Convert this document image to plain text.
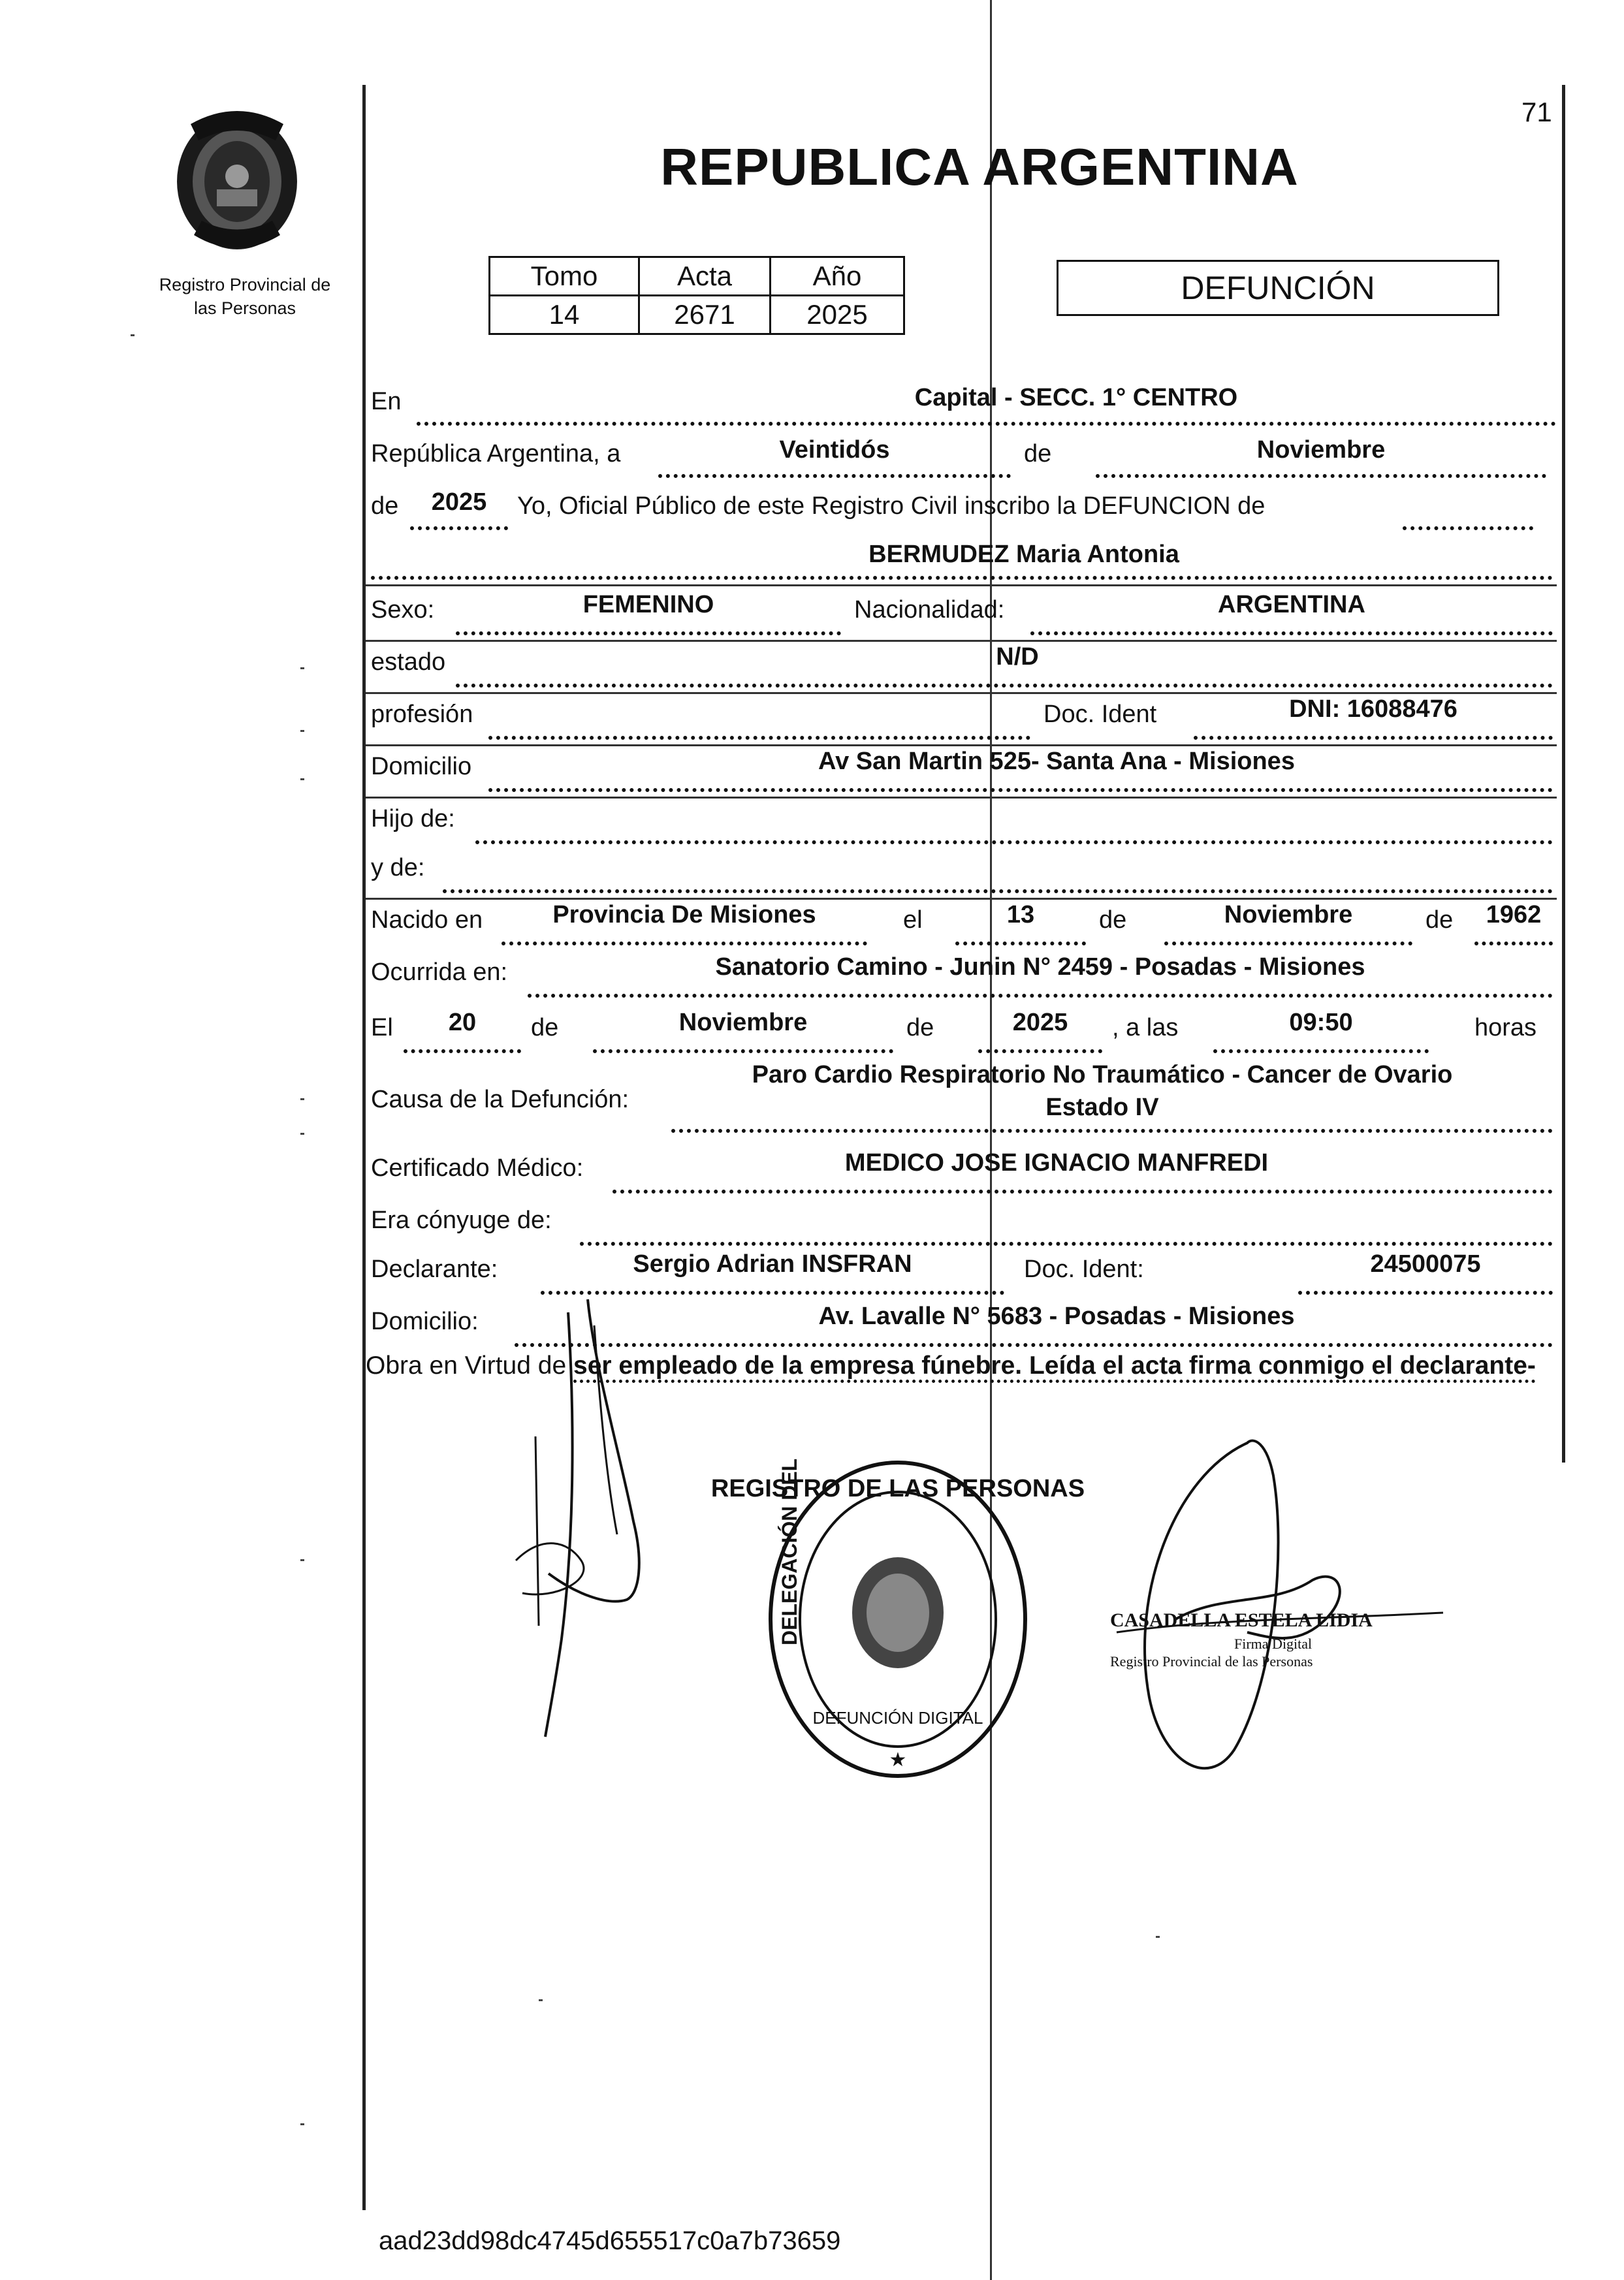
71
Registro Provincial de
las Personas
REPUBLICA ARGENTINA
Tomo	Acta	Año
14	2671	2025
DEFUNCIÓN
En	Capital - SECC. 1° CENTRO
República Argentina, a	Veintidós	de	Noviembre
de	2025	Yo, Oficial Público de este Registro Civil inscribo la DEFUNCION de
BERMUDEZ Maria Antonia
Sexo:	FEMENINO	Nacionalidad:	ARGENTINA
estado	N/D
profesión	Doc. Ident	DNI: 16088476
Domicilio	Av San Martin 525- Santa Ana - Misiones
Hijo de:
y de:
Nacido en	Provincia De Misiones	el	13	de	Noviembre	de	1962
Ocurrida en:	Sanatorio Camino - Junin N° 2459 - Posadas - Misiones
El	20	de	Noviembre	de	2025	, a las	09:50	horas
Causa de la Defunción:
Paro Cardio Respiratorio No Traumático - Cancer de Ovario
Estado IV
Certificado Médico:	MEDICO JOSE IGNACIO MANFREDI
Era cónyuge de:
Declarante:	Sergio Adrian INSFRAN	Doc. Ident:	24500075
Domicilio:	Av. Lavalle N° 5683 - Posadas - Misiones
Obra en Virtud de ser empleado de la empresa fúnebre. Leída el acta firma conmigo el declarante-
REGISTRO DE LAS PERSONAS
DELEGACIÓN DEL
DEFUNCIÓN DIGITAL
★
CASADELLA ESTELA LIDIA
Firma Digital
Registro Provincial de las Personas
aad23dd98dc4745d655517c0a7b73659
